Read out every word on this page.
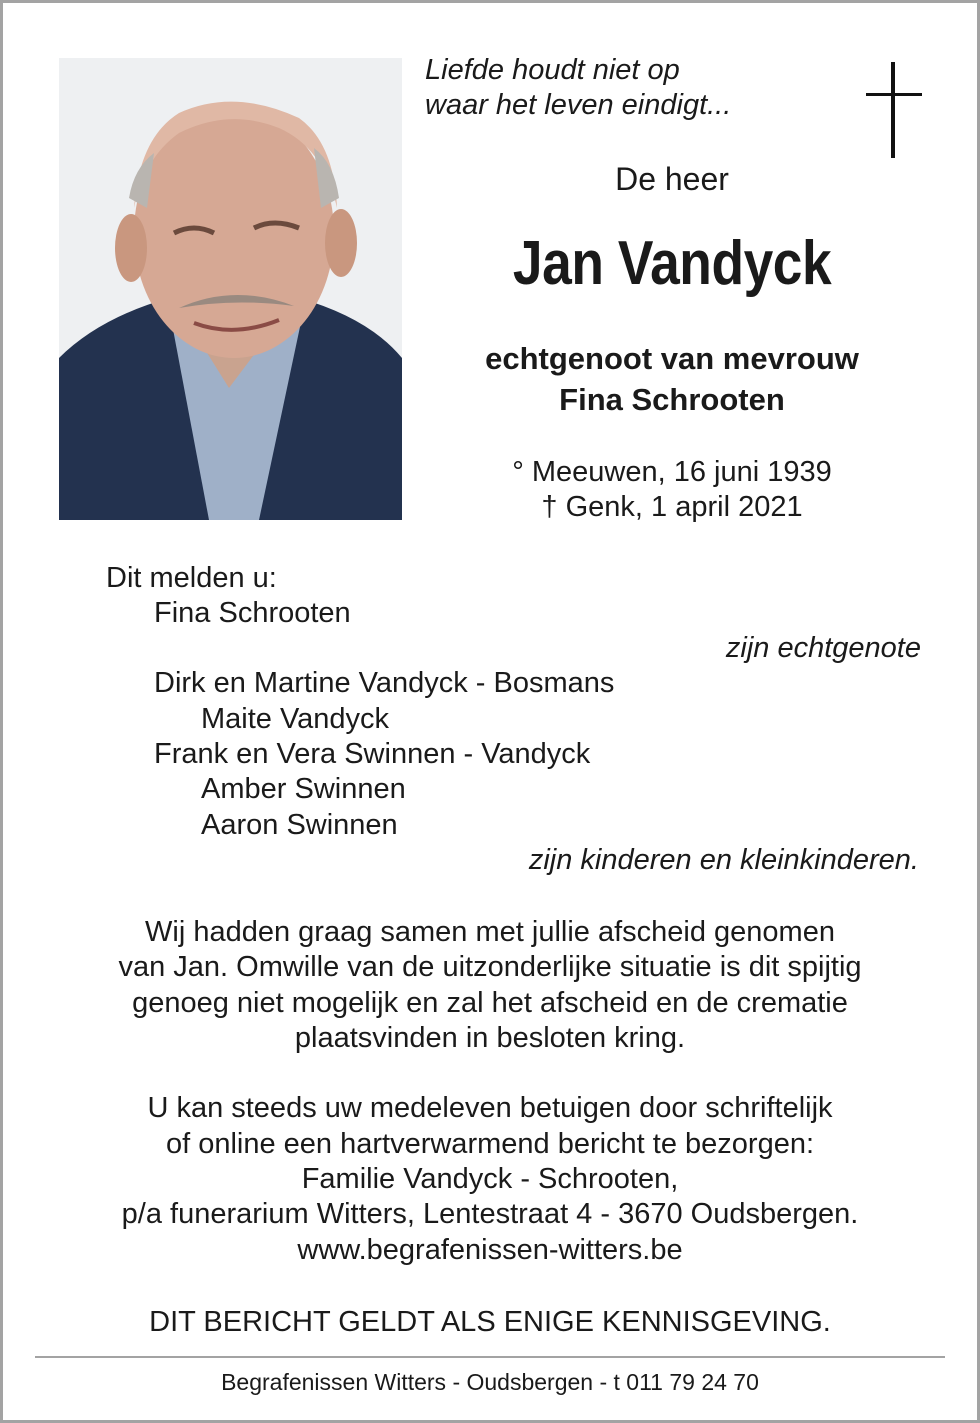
Liefde houdt niet op
waar het leven eindigt...
De heer
Jan Vandyck
echtgenoot van mevrouw
Fina Schrooten
° Meeuwen, 16 juni 1939
† Genk, 1 april 2021
Dit melden u:
Fina Schrooten
zijn echtgenote
Dirk en Martine Vandyck - Bosmans
Maite Vandyck
Frank en Vera Swinnen - Vandyck
Amber Swinnen
Aaron Swinnen
zijn kinderen en kleinkinderen.
Wij hadden graag samen met jullie afscheid genomen
van Jan. Omwille van de uitzonderlijke situatie is dit spijtig
genoeg niet mogelijk en zal het afscheid en de crematie
plaatsvinden in besloten kring.
U kan steeds uw medeleven betuigen door schriftelijk
of online een hartverwarmend bericht te bezorgen:
Familie Vandyck - Schrooten,
p/a funerarium Witters, Lentestraat 4 - 3670 Oudsbergen.
www.begrafenissen-witters.be
DIT BERICHT GELDT ALS ENIGE KENNISGEVING.
Begrafenissen Witters - Oudsbergen - t 011 79 24 70
